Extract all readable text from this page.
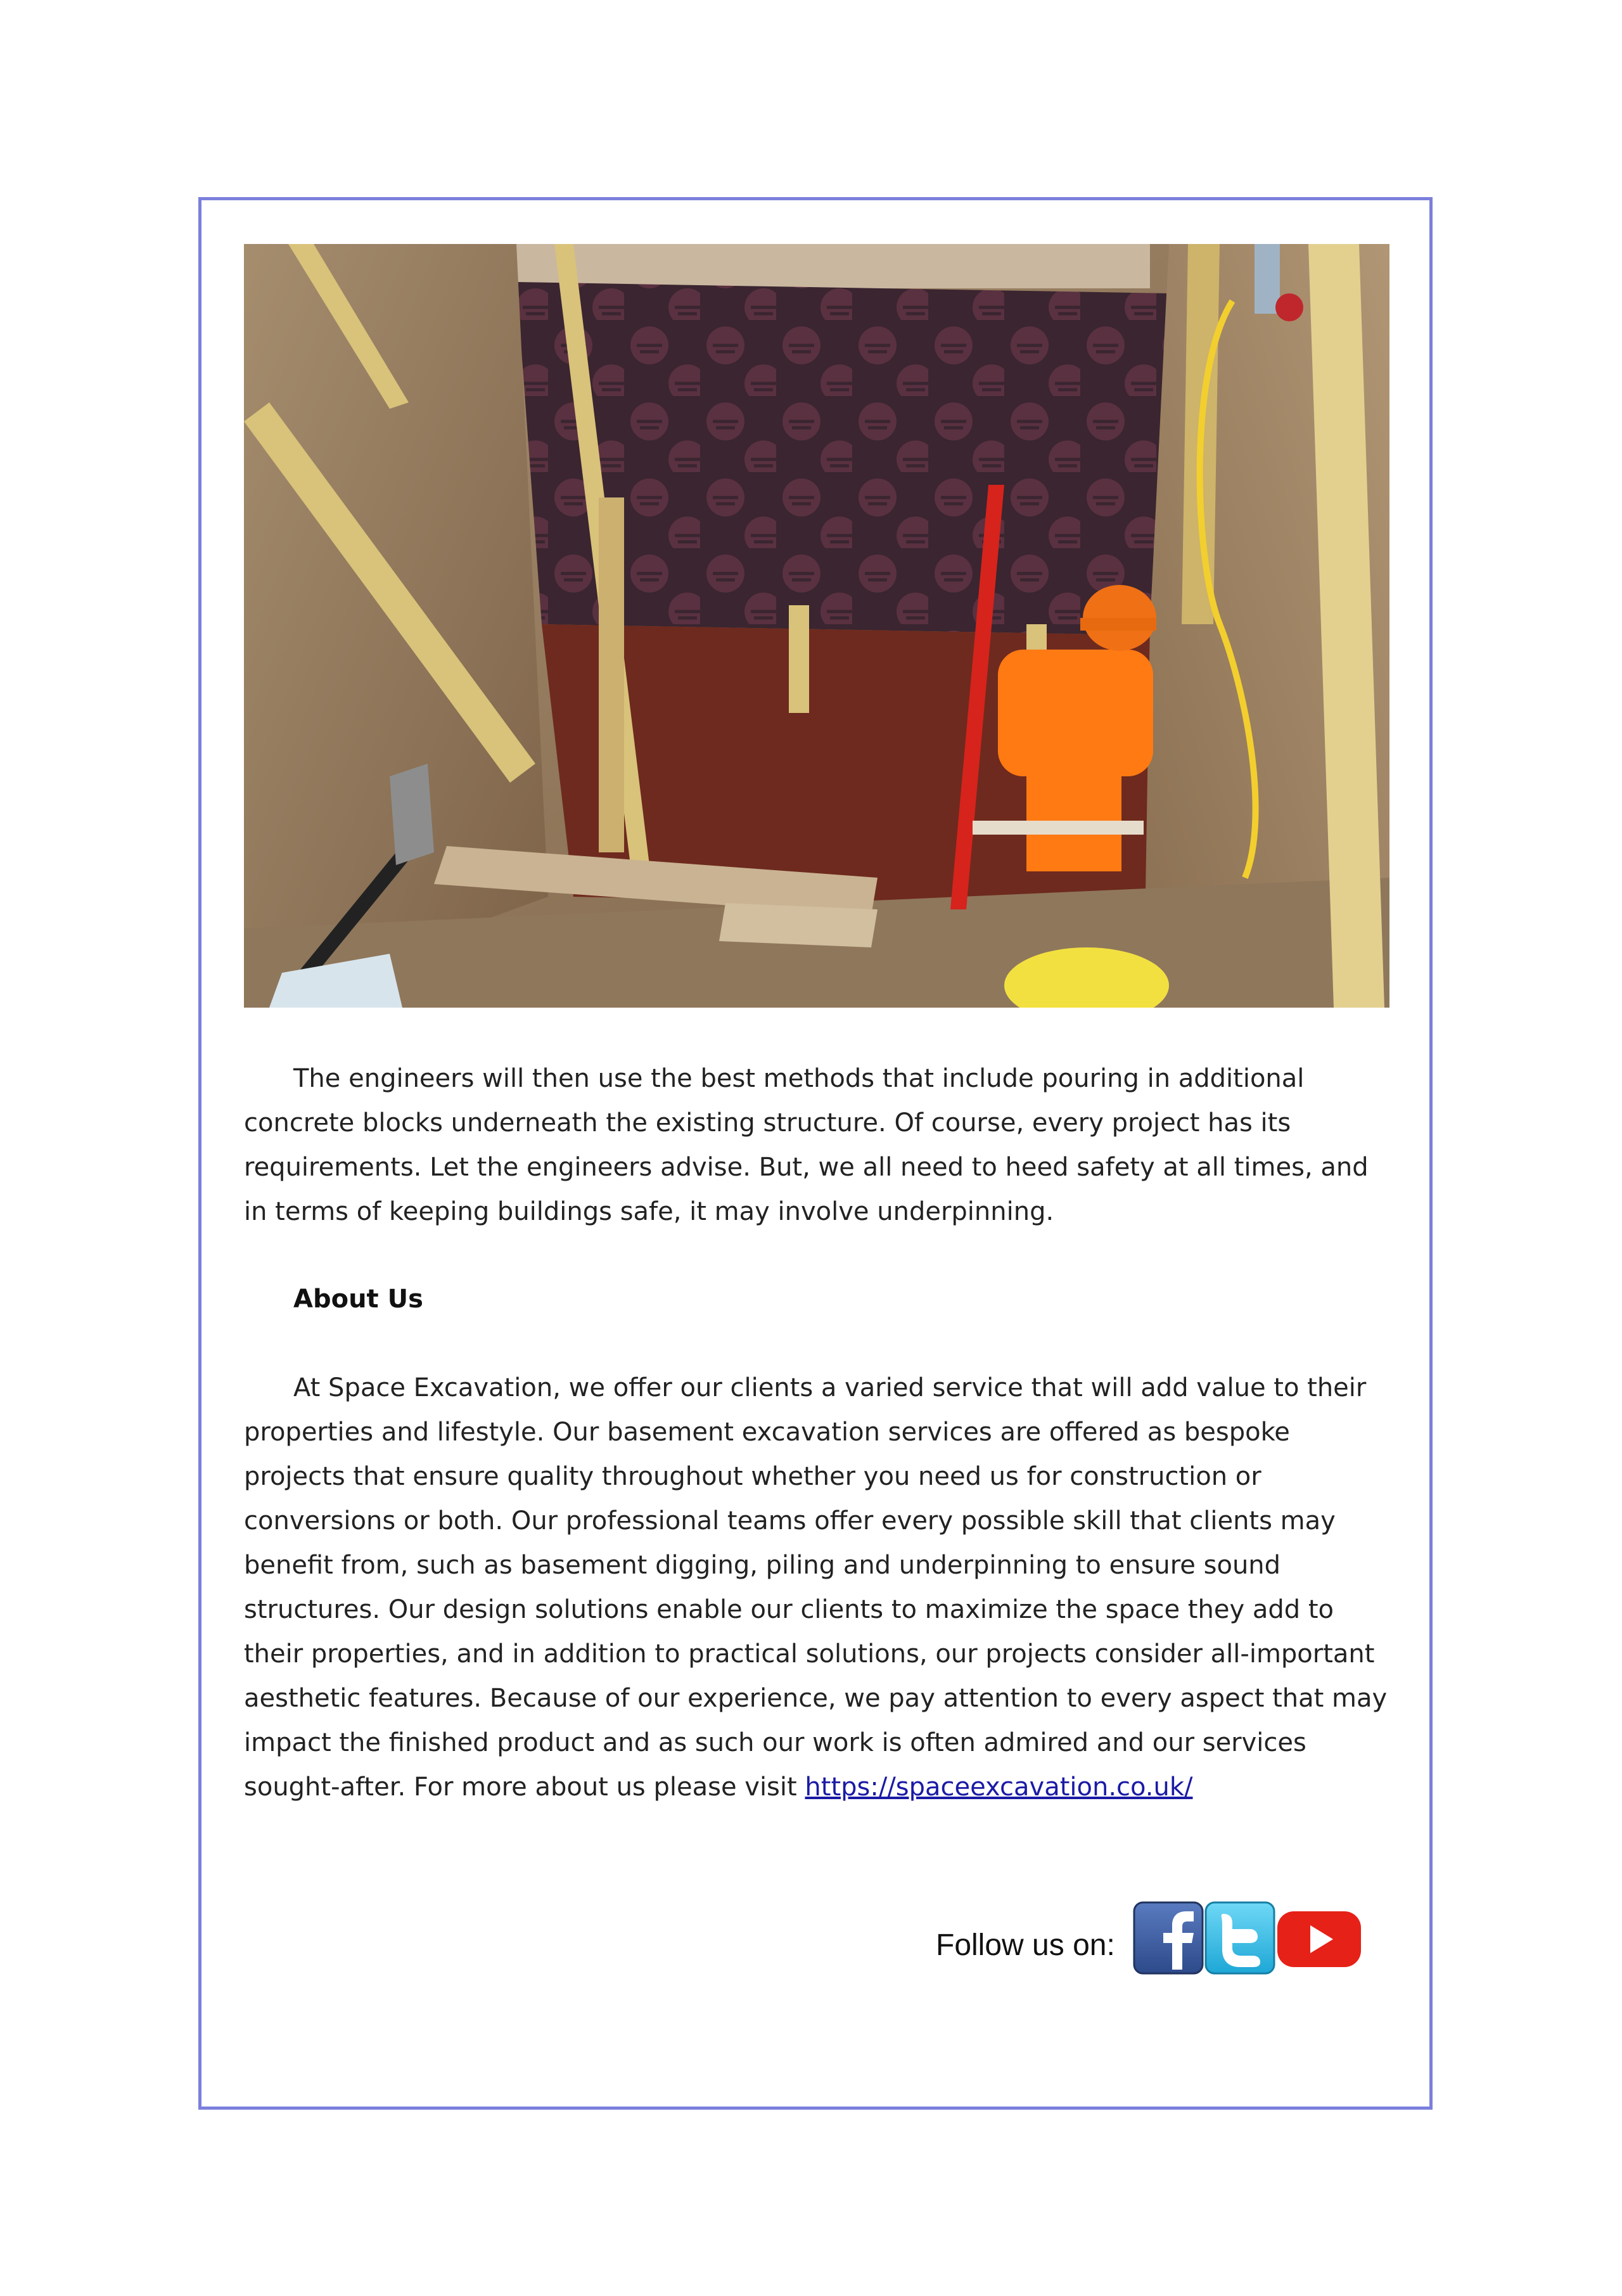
The engineers will then use the best methods that include pouring in additional concrete blocks underneath the existing structure. Of course, every project has its requirements. Let the engineers advise. But, we all need to heed safety at all times, and in terms of keeping buildings safe, it may involve underpinning.
About Us
At Space Excavation, we offer our clients a varied service that will add value to their properties and lifestyle. Our basement excavation services are offered as bespoke projects that ensure quality throughout whether you need us for construction or conversions or both. Our professional teams offer every possible skill that clients may benefit from, such as basement digging, piling and underpinning to ensure sound structures. Our design solutions enable our clients to maximize the space they add to their properties, and in addition to practical solutions, our projects consider all-important aesthetic features. Because of our experience, we pay attention to every aspect that may impact the finished product and as such our work is often admired and our services sought-after. For more about us please visit https://spaceexcavation.co.uk/
Follow us on:
